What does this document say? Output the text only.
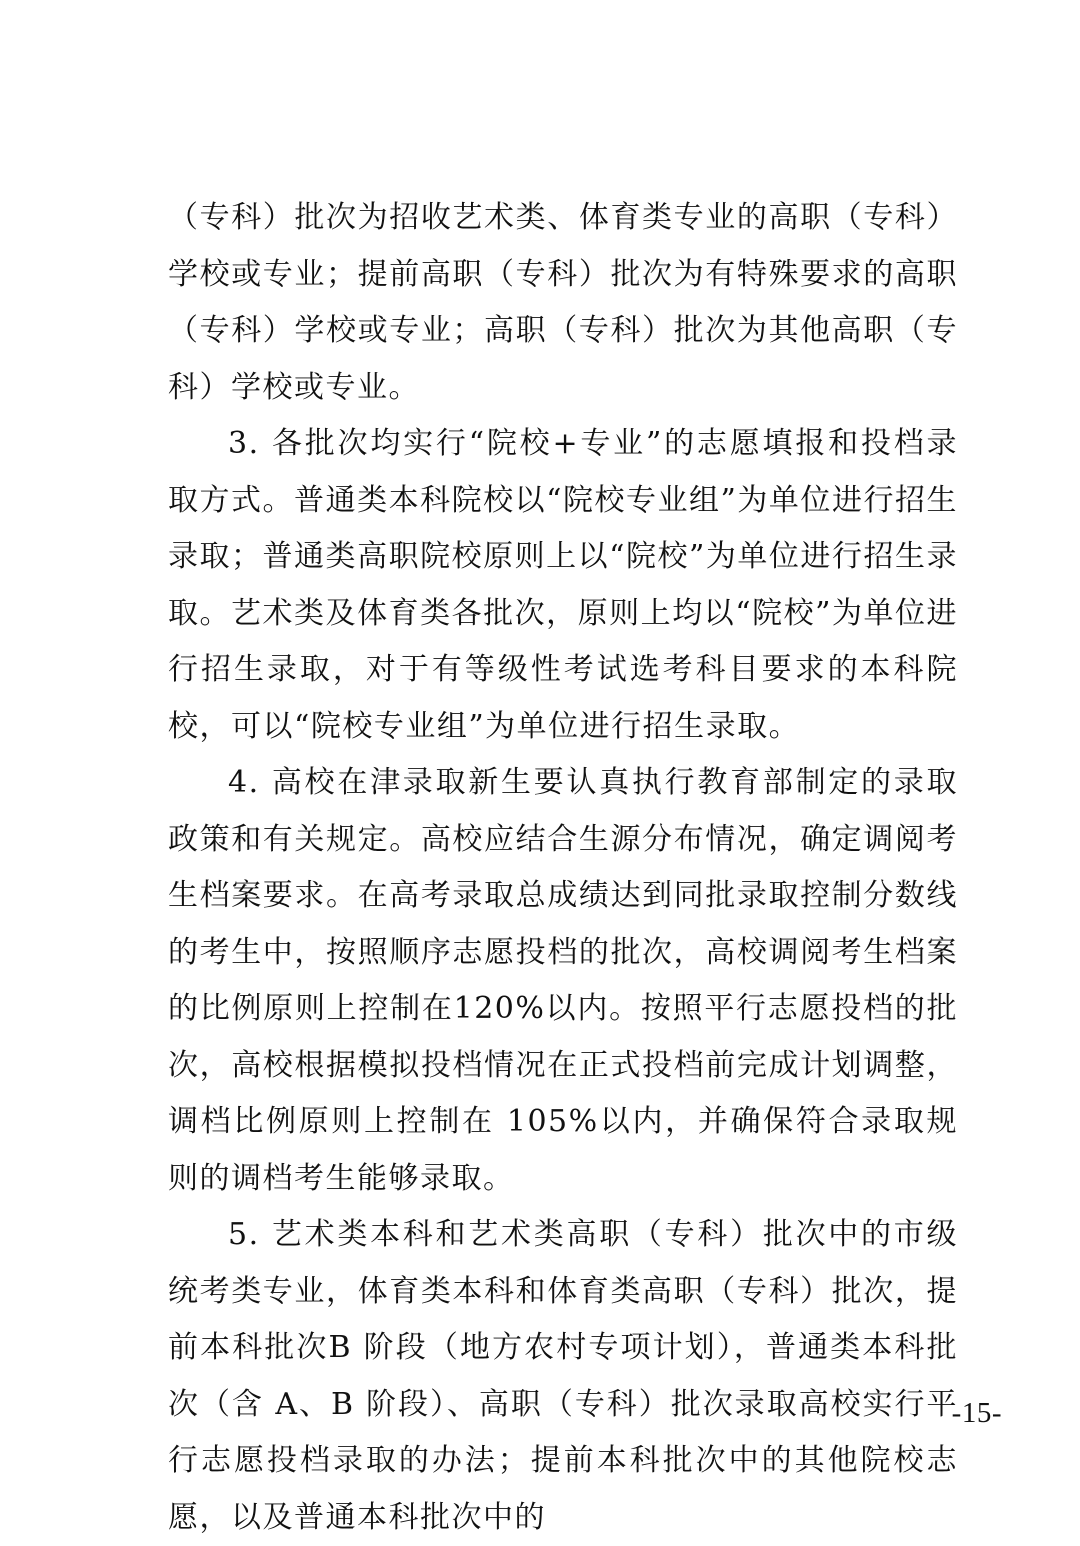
（专科）批次为招收艺术类、体育类专业的高职（专科）学校或专业；提前高职（专科）批次为有特殊要求的高职（专科）学校或专业；高职（专科）批次为其他高职（专科）学校或专业。

3. 各批次均实行“院校+专业”的志愿填报和投档录取方式。普通类本科院校以“院校专业组”为单位进行招生录取；普通类高职院校原则上以“院校”为单位进行招生录取。艺术类及体育类各批次，原则上均以“院校”为单位进行招生录取，对于有等级性考试选考科目要求的本科院校，可以“院校专业组”为单位进行招生录取。

4. 高校在津录取新生要认真执行教育部制定的录取政策和有关规定。高校应结合生源分布情况，确定调阅考生档案要求。在高考录取总成绩达到同批录取控制分数线的考生中，按照顺序志愿投档的批次，高校调阅考生档案的比例原则上控制在120%以内。按照平行志愿投档的批次，高校根据模拟投档情况在正式投档前完成计划调整，调档比例原则上控制在 105%以内，并确保符合录取规则的调档考生能够录取。

5. 艺术类本科和艺术类高职（专科）批次中的市级统考类专业，体育类本科和体育类高职（专科）批次，提前本科批次B 阶段（地方农村专项计划），普通类本科批次（含 A、B 阶段）、高职（专科）批次录取高校实行平行志愿投档录取的办法；提前本科批次中的其他院校志愿，以及普通本科批次中的

-15-
